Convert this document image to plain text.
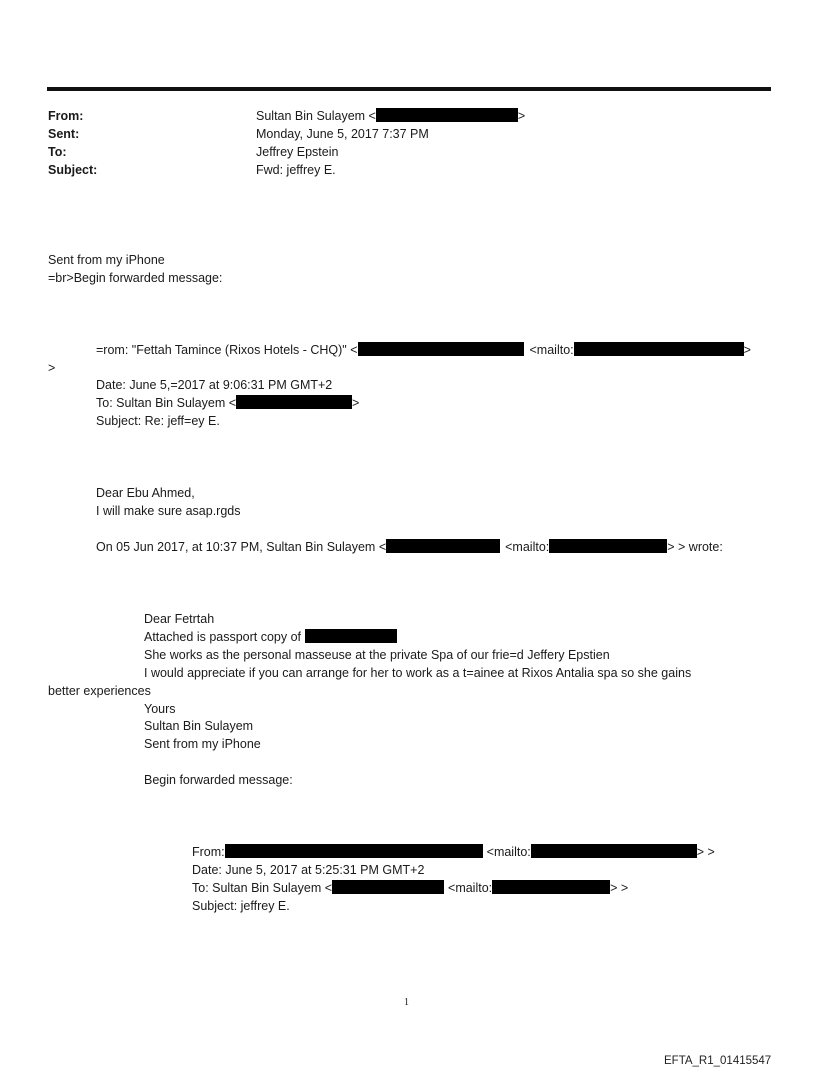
From:	Sultan Bin Sulayem <	>
Sent:	Monday, June 5, 2017 7:37 PM
To:	Jeffrey Epstein
Subject:	Fwd: jeffrey E.
Sent from my iPhone
=br>Begin forwarded message:
=rom: "Fettah Tamince (Rixos Hotels - CHQ)" <	<mailto:	>
>
Date: June 5,=2017 at 9:06:31 PM GMT+2
To: Sultan Bin Sulayem <	>
Subject: Re: jeff=ey E.
Dear Ebu Ahmed,
I will make sure asap.rgds
On 05 Jun 2017, at 10:37 PM, Sultan Bin Sulayem <	<mailto:	> > wrote:
Dear Fetrtah
Attached is passport copy of
She works as the personal masseuse at the private Spa of our frie=d Jeffery Epstien
I would appreciate if you can arrange for her to work as a t=ainee at Rixos Antalia spa so she gains
better experiences
Yours
Sultan Bin Sulayem
Sent from my iPhone
Begin forwarded message:
From:	<mailto:	> >
Date: June 5, 2017 at 5:25:31 PM GMT+2
To: Sultan Bin Sulayem <	<mailto:	> >
Subject: jeffrey E.
1
EFTA_R1_01415547
